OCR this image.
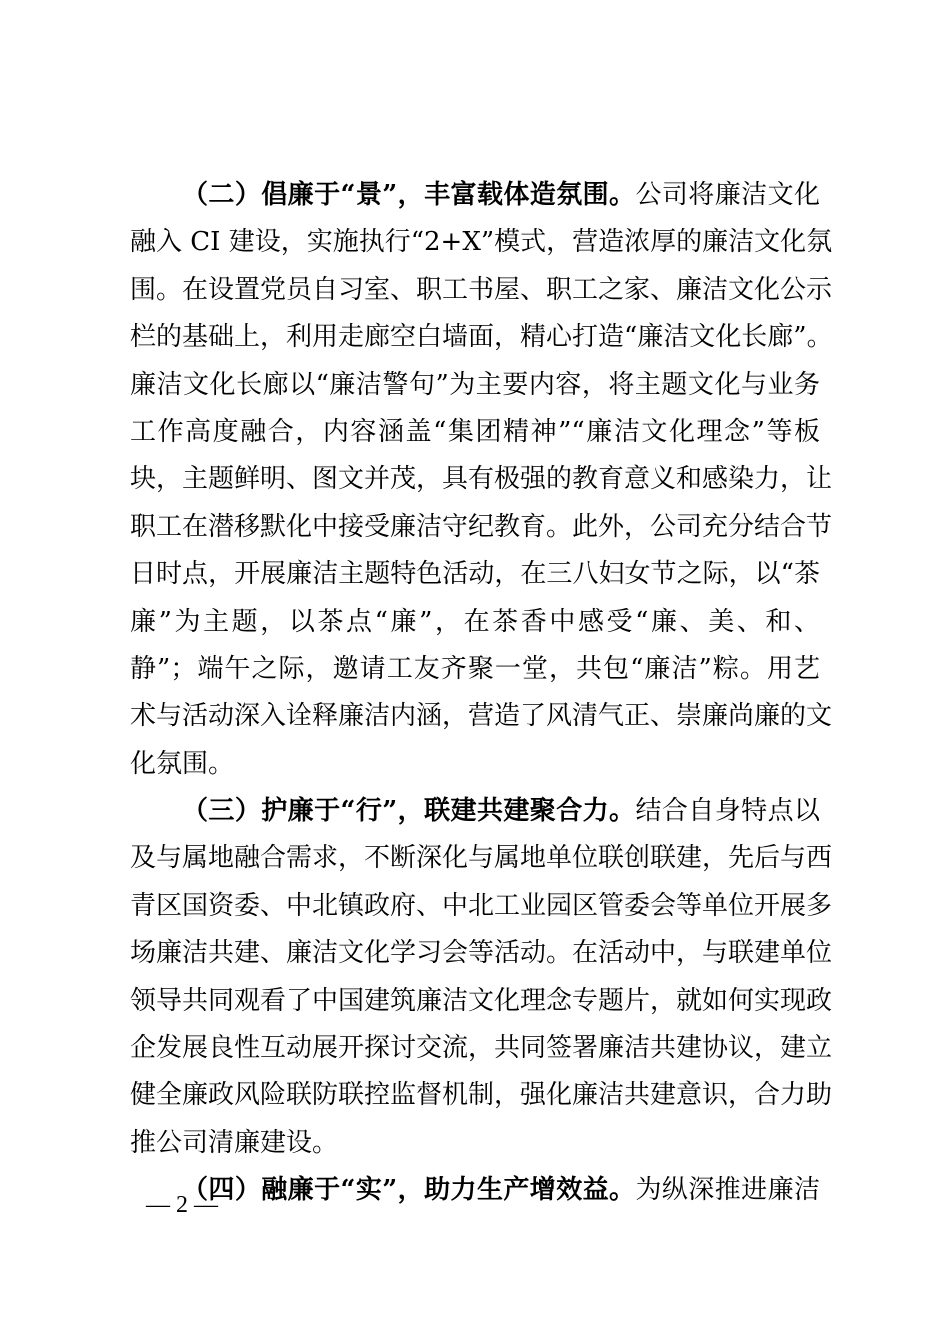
（二）倡廉于“景”，丰富载体造氛围。公司将廉洁文化
融入 CI 建设，实施执行“2+X”模式，营造浓厚的廉洁文化氛
围。在设置党员自习室、职工书屋、职工之家、廉洁文化公示
栏的基础上，利用走廊空白墙面，精心打造“廉洁文化长廊”。
廉洁文化长廊以“廉洁警句”为主要内容，将主题文化与业务
工作高度融合，内容涵盖“集团精神”“廉洁文化理念”等板
块，主题鲜明、图文并茂，具有极强的教育意义和感染力，让
职工在潜移默化中接受廉洁守纪教育。此外，公司充分结合节
日时点，开展廉洁主题特色活动，在三八妇女节之际，以“茶
廉”为主题，以茶点“廉”，在茶香中感受“廉、美、和、
静”；端午之际，邀请工友齐聚一堂，共包“廉洁”粽。用艺
术与活动深入诠释廉洁内涵，营造了风清气正、崇廉尚廉的文
化氛围。
（三）护廉于“行”，联建共建聚合力。结合自身特点以
及与属地融合需求，不断深化与属地单位联创联建，先后与西
青区国资委、中北镇政府、中北工业园区管委会等单位开展多
场廉洁共建、廉洁文化学习会等活动。在活动中，与联建单位
领导共同观看了中国建筑廉洁文化理念专题片，就如何实现政
企发展良性互动展开探讨交流，共同签署廉洁共建协议，建立
健全廉政风险联防联控监督机制，强化廉洁共建意识，合力助
推公司清廉建设。
（四）融廉于“实”，助力生产增效益。为纵深推进廉洁
— 2 —
